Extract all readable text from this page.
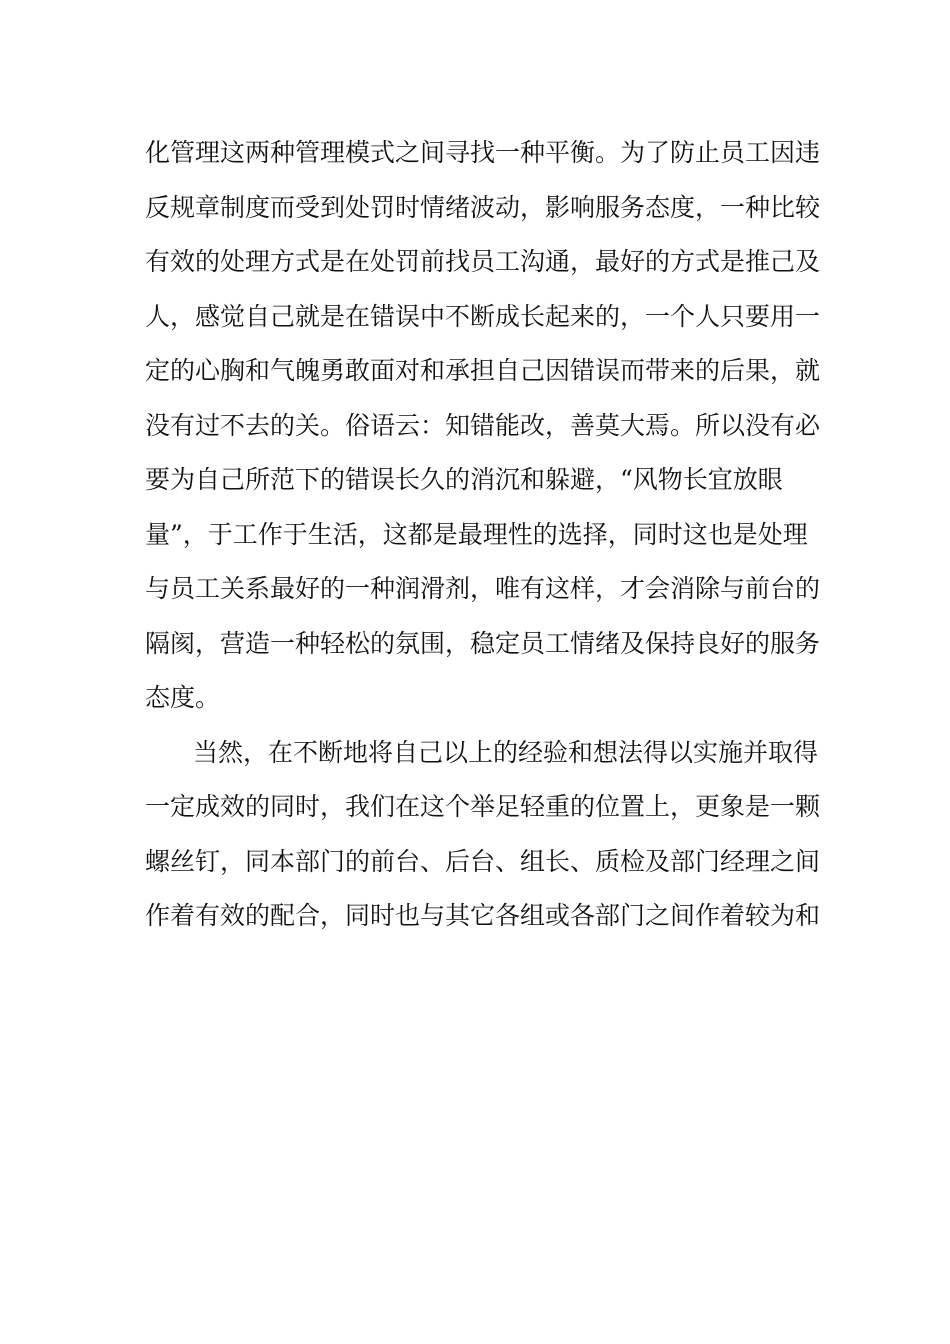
化管理这两种管理模式之间寻找一种平衡。为了防止员工因违
反规章制度而受到处罚时情绪波动，影响服务态度，一种比较
有效的处理方式是在处罚前找员工沟通，最好的方式是推己及
人，感觉自己就是在错误中不断成长起来的，一个人只要用一
定的心胸和气魄勇敢面对和承担自己因错误而带来的后果，就
没有过不去的关。俗语云：知错能改，善莫大焉。所以没有必
要为自己所范下的错误长久的消沉和躲避，“风物长宜放眼
量”，于工作于生活，这都是最理性的选择，同时这也是处理
与员工关系最好的一种润滑剂，唯有这样，才会消除与前台的
隔阂，营造一种轻松的氛围，稳定员工情绪及保持良好的服务
态度。
当然，在不断地将自己以上的经验和想法得以实施并取得
一定成效的同时，我们在这个举足轻重的位置上，更象是一颗
螺丝钉，同本部门的前台、后台、组长、质检及部门经理之间
作着有效的配合，同时也与其它各组或各部门之间作着较为和
